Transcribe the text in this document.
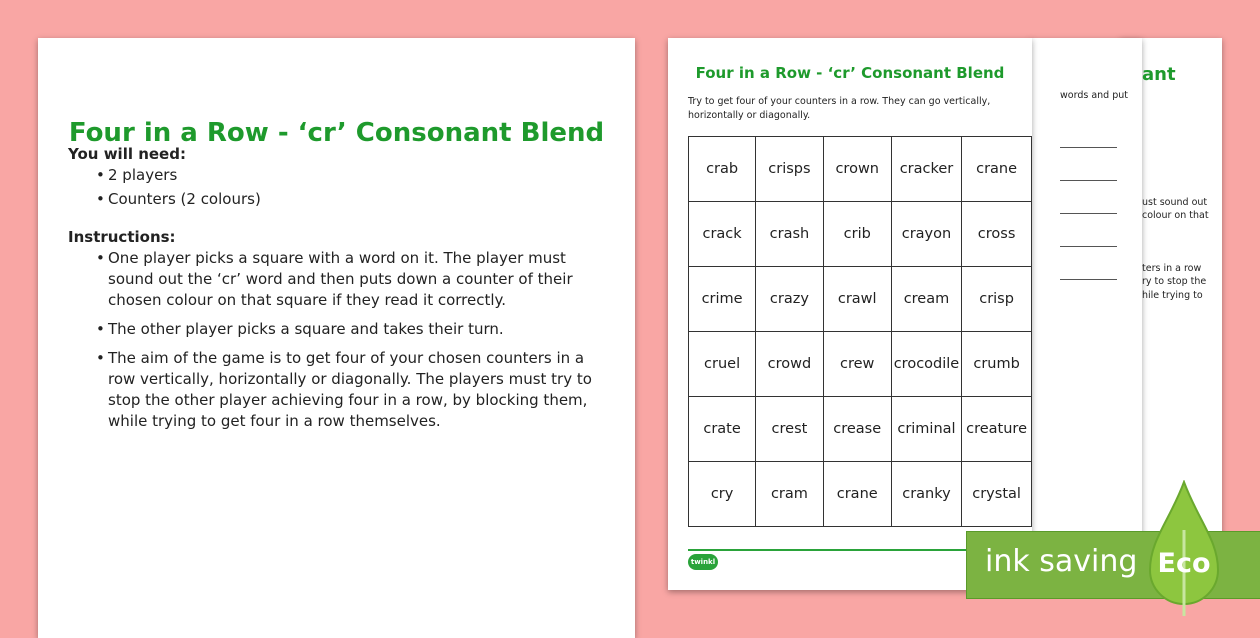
ant
words and put
ust sound out
colour on that
ters in a row
ry to stop the
hile trying to
Four in a Row - ‘cr’ Consonant Blend
You will need:
• 2 players
• Counters (2 colours)
Instructions:
• One player picks a square with a word on it. The player must sound out the ‘cr’ word and then puts down a counter of their chosen colour on that square if they read it correctly.
• The other player picks a square and takes their turn.
• The aim of the game is to get four of your chosen counters in a row vertically, horizontally or diagonally. The players must try to stop the other player achieving four in a row, by blocking them, while trying to get four in a row themselves.
Four in a Row - ‘cr’ Consonant Blend
Try to get four of your counters in a row. They can go vertically, horizontally or diagonally.
crab	crisps	crown	cracker	crane
crack	crash	crib	crayon	cross
crime	crazy	crawl	cream	crisp
cruel	crowd	crew	crocodile	crumb
crate	crest	crease	criminal	creature
cry	cram	crane	cranky	crystal
twinkl	ink saving Eco
